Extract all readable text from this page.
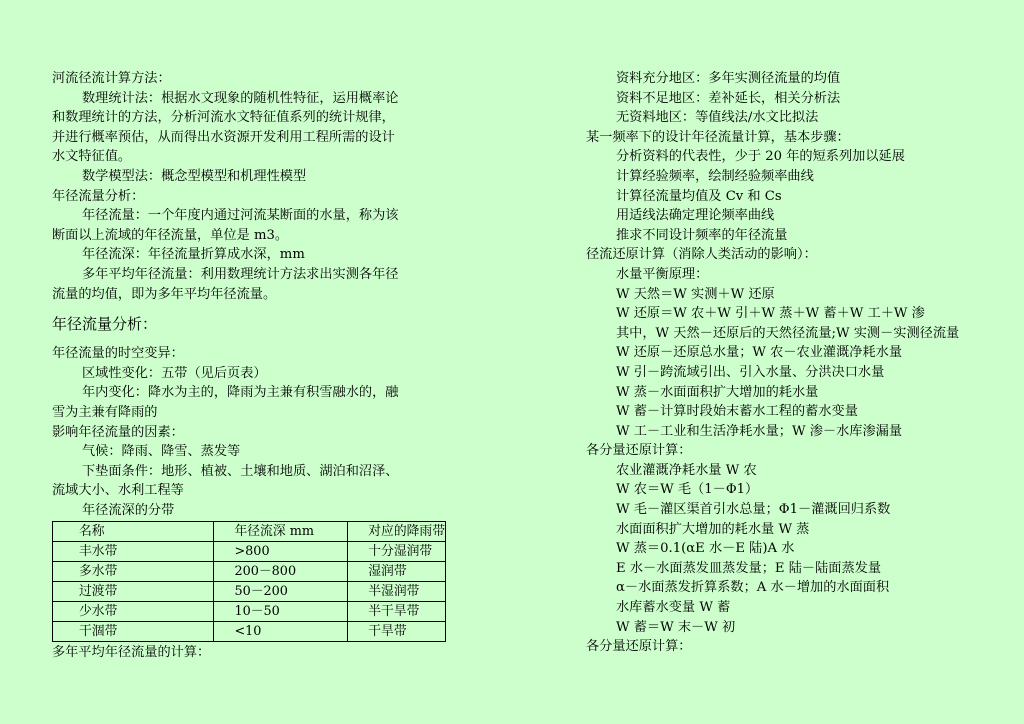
河流径流计算方法：
数理统计法：根据水文现象的随机性特征，运用概率论
和数理统计的方法，分析河流水文特征值系列的统计规律，
并进行概率预估，从而得出水资源开发利用工程所需的设计
水文特征值。
数学模型法：概念型模型和机理性模型
年径流量分析：
年径流量：一个年度内通过河流某断面的水量，称为该
断面以上流域的年径流量，单位是 m3。
年径流深：年径流量折算成水深，mm
多年平均年径流量：利用数理统计方法求出实测各年径
流量的均值，即为多年平均年径流量。
年径流量分析：
年径流量的时空变异：
区域性变化：五带（见后页表）
年内变化：降水为主的，降雨为主兼有积雪融水的，融
雪为主兼有降雨的
影响年径流量的因素：
气候：降雨、降雪、蒸发等
下垫面条件：地形、植被、土壤和地质、湖泊和沼泽、
流域大小、水利工程等
年径流深的分带
名称	年径流深 mm	对应的降雨带
丰水带	>800	十分湿润带
多水带	200－800	湿润带
过渡带	50－200	半湿润带
少水带	10－50	半干旱带
干涸带	<10	干旱带
多年平均年径流量的计算：
资料充分地区：多年实测径流量的均值
资料不足地区：差补延长，相关分析法
无资料地区：等值线法/水文比拟法
某一频率下的设计年径流量计算，基本步骤：
分析资料的代表性，少于 20 年的短系列加以延展
计算经验频率，绘制经验频率曲线
计算径流量均值及 Cv 和 Cs
用适线法确定理论频率曲线
推求不同设计频率的年径流量
径流还原计算（消除人类活动的影响）：
水量平衡原理：
W 天然＝W 实测＋W 还原
W 还原＝W 农＋W 引＋W 蒸＋W 蓄＋W 工＋W 渗
其中，W 天然－还原后的天然径流量;W 实测－实测径流量
W 还原－还原总水量；W 农－农业灌溉净耗水量
W 引－跨流域引出、引入水量、分洪决口水量
W 蒸－水面面积扩大增加的耗水量
W 蓄－计算时段始末蓄水工程的蓄水变量
W 工－工业和生活净耗水量；W 渗－水库渗漏量
各分量还原计算：
农业灌溉净耗水量 W 农
W 农＝W 毛（1－Φ1）
W 毛－灌区渠首引水总量；Φ1－灌溉回归系数
水面面积扩大增加的耗水量 W 蒸
W 蒸＝0.1(αE 水－E 陆)A 水
E 水－水面蒸发皿蒸发量；E 陆－陆面蒸发量
α－水面蒸发折算系数；A 水－增加的水面面积
水库蓄水变量 W 蓄
W 蓄＝W 末－W 初
各分量还原计算：
